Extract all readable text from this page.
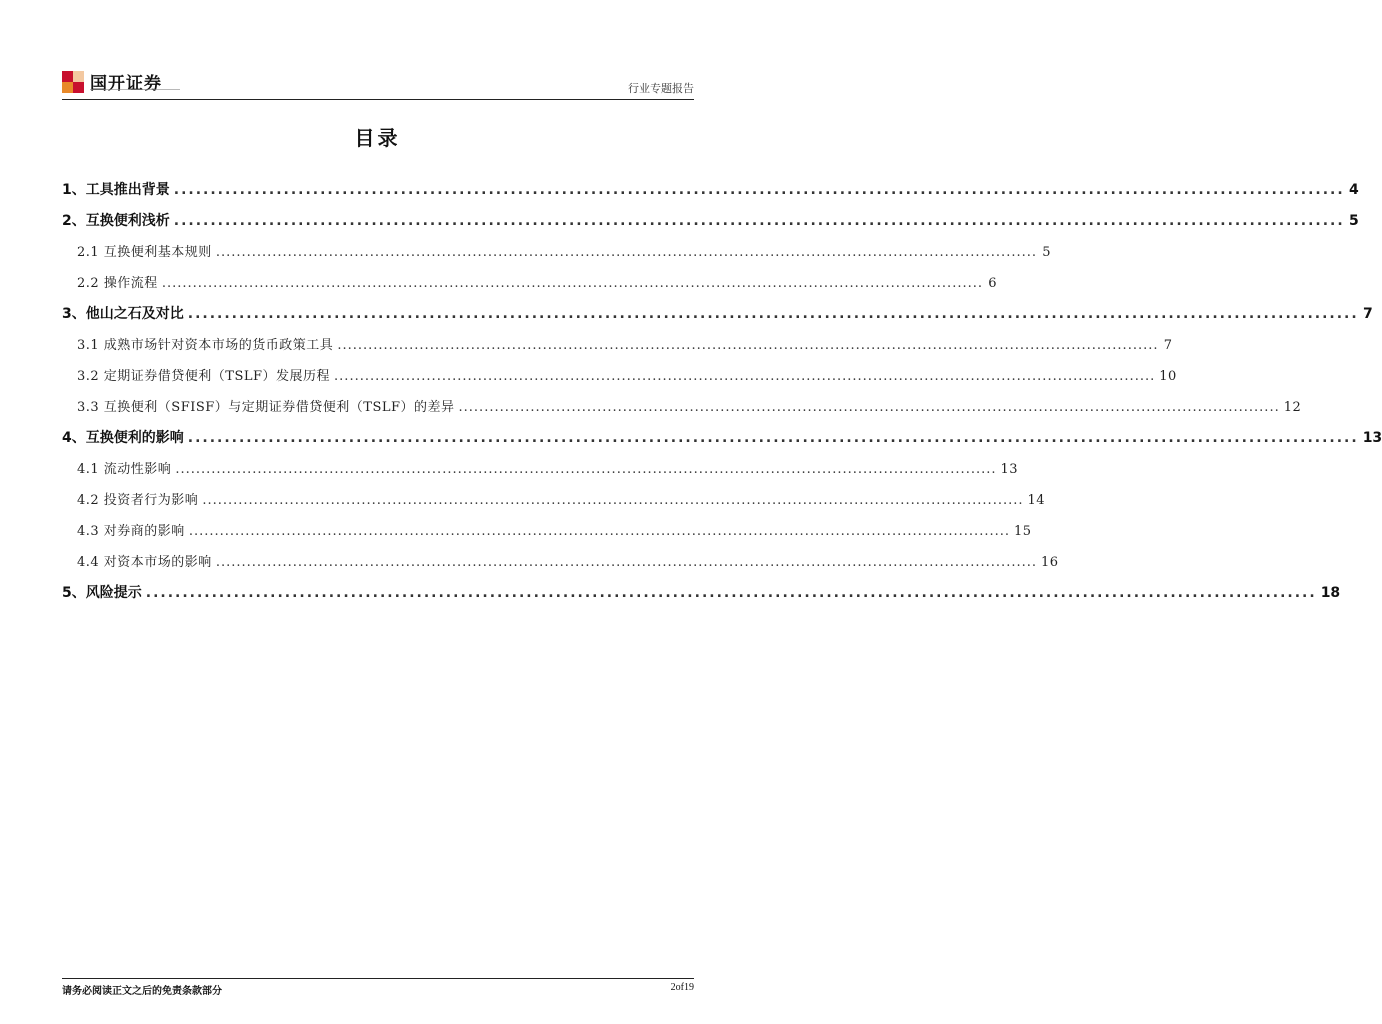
国开证券	行业专题报告
目录
1、工具推出背景 ................................................................................................................................................................ 4
2、互换便利浅析 ................................................................................................................................................................ 5
2.1 互换便利基本规则 ................................................................................................................................................................ 5
2.2 操作流程 ................................................................................................................................................................ 6
3、他山之石及对比 ................................................................................................................................................................ 7
3.1 成熟市场针对资本市场的货币政策工具 ................................................................................................................................................................ 7
3.2 定期证券借贷便利（TSLF）发展历程 ................................................................................................................................................................ 10
3.3 互换便利（SFISF）与定期证券借贷便利（TSLF）的差异 ................................................................................................................................................................ 12
4、互换便利的影响 ................................................................................................................................................................ 13
4.1 流动性影响 ................................................................................................................................................................ 13
4.2 投资者行为影响 ................................................................................................................................................................ 14
4.3 对券商的影响 ................................................................................................................................................................ 15
4.4 对资本市场的影响 ................................................................................................................................................................ 16
5、风险提示 ................................................................................................................................................................ 18
请务必阅读正文之后的免责条款部分	2of19
